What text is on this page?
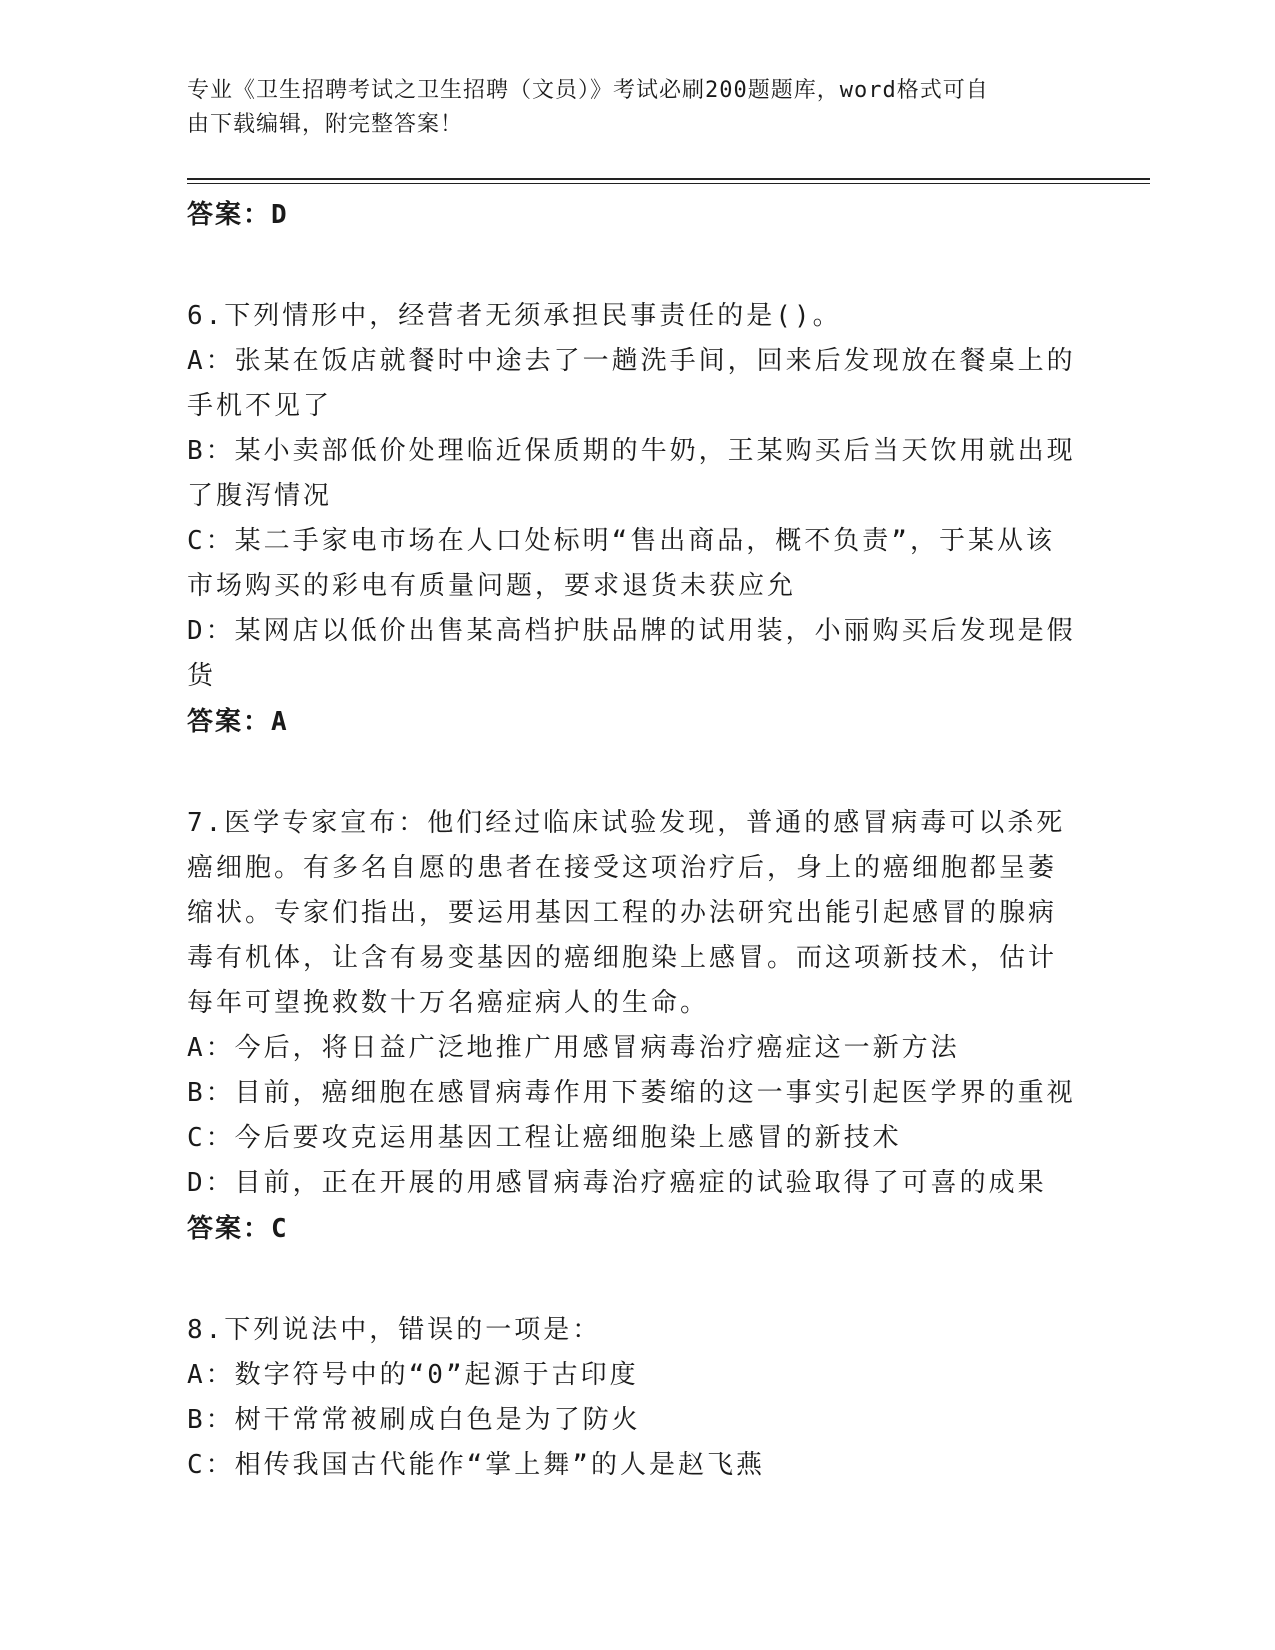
专业《卫生招聘考试之卫生招聘（文员）》考试必刷200题题库，word格式可自
由下载编辑，附完整答案！
答案：D
6.下列情形中，经营者无须承担民事责任的是()。
A：张某在饭店就餐时中途去了一趟洗手间，回来后发现放在餐桌上的
手机不见了
B：某小卖部低价处理临近保质期的牛奶，王某购买后当天饮用就出现
了腹泻情况
C：某二手家电市场在人口处标明“售出商品，概不负责”，于某从该
市场购买的彩电有质量问题，要求退货未获应允
D：某网店以低价出售某高档护肤品牌的试用装，小丽购买后发现是假
货
答案：A
7.医学专家宣布：他们经过临床试验发现，普通的感冒病毒可以杀死
癌细胞。有多名自愿的患者在接受这项治疗后，身上的癌细胞都呈萎
缩状。专家们指出，要运用基因工程的办法研究出能引起感冒的腺病
毒有机体，让含有易变基因的癌细胞染上感冒。而这项新技术，估计
每年可望挽救数十万名癌症病人的生命。
A：今后，将日益广泛地推广用感冒病毒治疗癌症这一新方法
B：目前，癌细胞在感冒病毒作用下萎缩的这一事实引起医学界的重视
C：今后要攻克运用基因工程让癌细胞染上感冒的新技术
D：目前，正在开展的用感冒病毒治疗癌症的试验取得了可喜的成果
答案：C
8.下列说法中，错误的一项是：
A：数字符号中的“0”起源于古印度
B：树干常常被刷成白色是为了防火
C：相传我国古代能作“掌上舞”的人是赵飞燕
